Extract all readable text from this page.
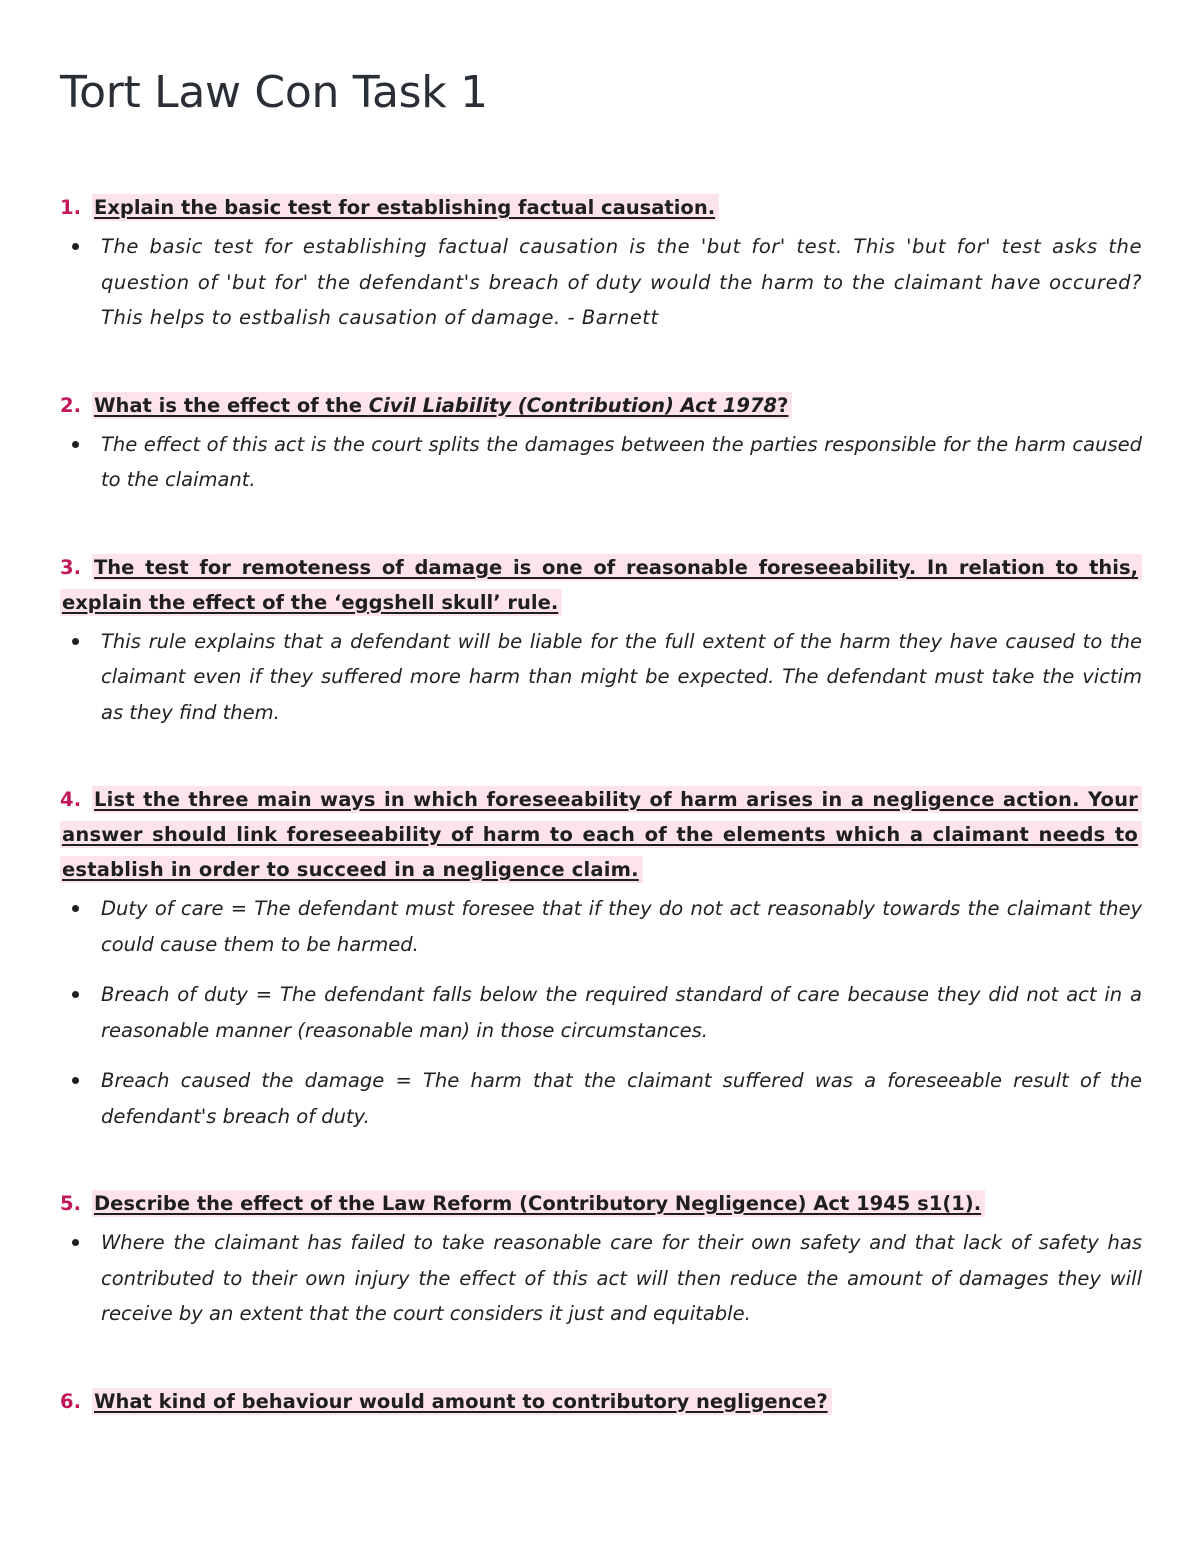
Tort Law Con Task 1
1. Explain the basic test for establishing factual causation.
The basic test for establishing factual causation is the 'but for' test. This 'but for' test asks the question of 'but for' the defendant's breach of duty would the harm to the claimant have occured? This helps to estbalish causation of damage. - Barnett
2. What is the effect of the Civil Liability (Contribution) Act 1978?
The effect of this act is the court splits the damages between the parties responsible for the harm caused to the claimant.
3. The test for remoteness of damage is one of reasonable foreseeability. In relation to this, explain the effect of the ‘eggshell skull’ rule.
This rule explains that a defendant will be liable for the full extent of the harm they have caused to the claimant even if they suffered more harm than might be expected. The defendant must take the victim as they find them.
4. List the three main ways in which foreseeability of harm arises in a negligence action. Your answer should link foreseeability of harm to each of the elements which a claimant needs to establish in order to succeed in a negligence claim.
Duty of care = The defendant must foresee that if they do not act reasonably towards the claimant they could cause them to be harmed.
Breach of duty = The defendant falls below the required standard of care because they did not act in a reasonable manner (reasonable man) in those circumstances.
Breach caused the damage = The harm that the claimant suffered was a foreseeable result of the defendant's breach of duty.
5. Describe the effect of the Law Reform (Contributory Negligence) Act 1945 s1(1).
Where the claimant has failed to take reasonable care for their own safety and that lack of safety has contributed to their own injury the effect of this act will then reduce the amount of damages they will receive by an extent that the court considers it just and equitable.
6. What kind of behaviour would amount to contributory negligence?
